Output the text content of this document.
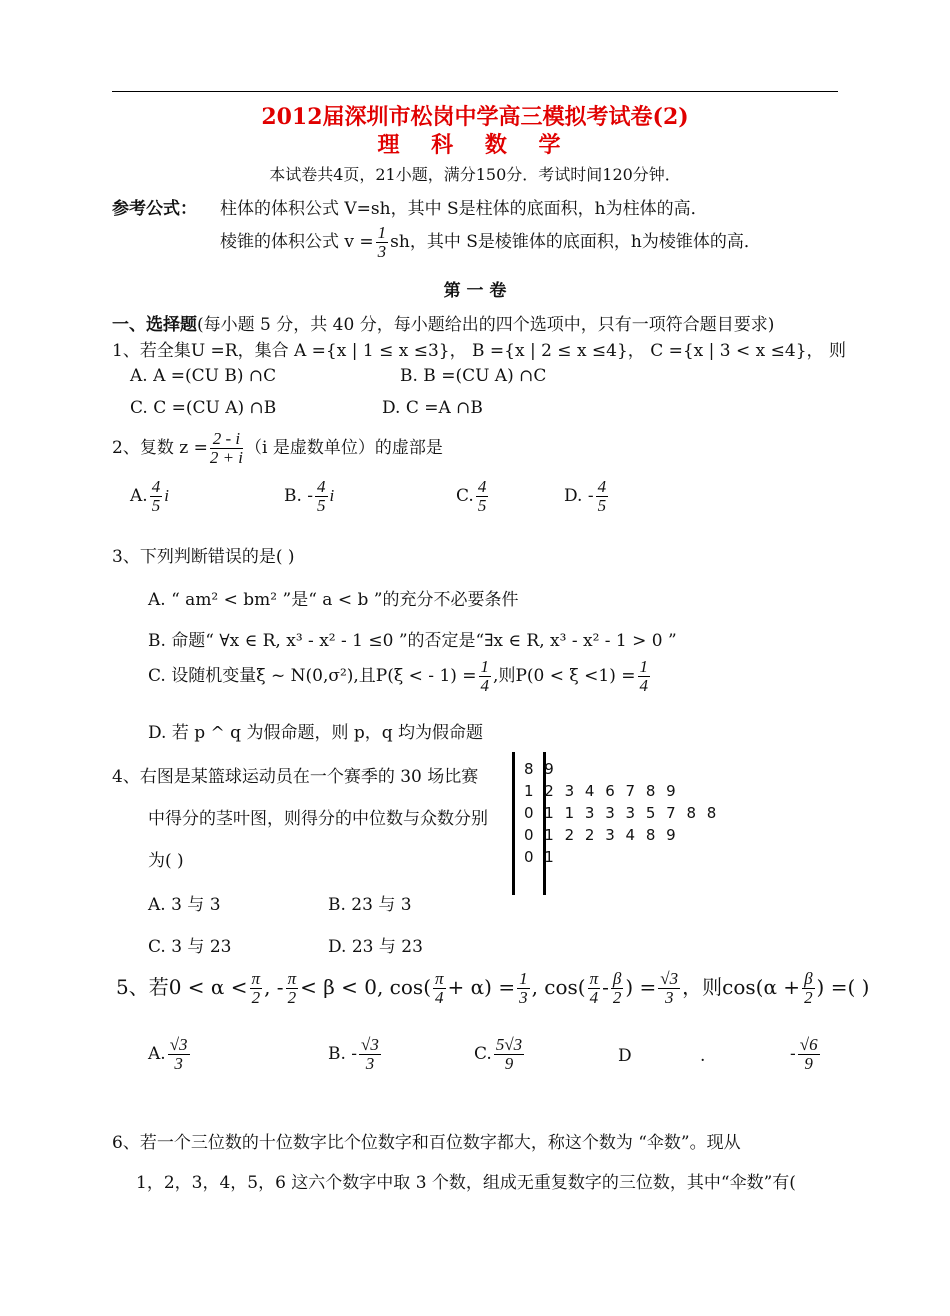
2012届深圳市松岗中学高三模拟考试卷(2)
理 科 数 学
本试卷共4页，21小题，满分150分．考试时间120分钟．
参考公式： 柱体的体积公式 V=sh，其中 S是柱体的底面积，h为柱体的高．
棱锥的体积公式 $v = \frac{1}{3}$ sh，其中 S是棱锥体的底面积，h为棱锥体的高．
第 一 卷
一、选择题(每小题 5 分，共 40 分，每小题给出的四个选项中，只有一项符合题目要求)
1、若全集U =R，集合 A ={x | 1 ≤ x ≤3}， B ={x | 2 ≤ x ≤4}， C ={x | 3 < x ≤4}， 则
A. A =(CU B) ∩C	B. B =(CU A) ∩C
C. C =(CU A) ∩B	D. C =A ∩B
2、复数 $z = \frac{2 - i}{2 + i} (i$ 是虚数单位）的虚部是
A. $\frac{4}{5}$ i	B. - $\frac{4}{5}$ i	C. $\frac{4}{5}$	D. - $\frac{4}{5}$
3、下列判断错误的是( )
A. “ am² < bm² ”是“ a < b ”的充分不必要条件
B. 命题“ ∀x ∈ R, x³ - x² - 1 ≤0 ”的否定是“∃x ∈ R, x³ - x² - 1 > 0 ”
C. 设随机变量ξ ~ N(0,σ²),且P(ξ < - $1) = \frac{1}{4}$ ,则$P(0 < \xi <1) = \frac{1}{4}$
D. 若 p ^ q 为假命题，则 p，q 均为假命题
4、右图是某篮球运动员在一个赛季的 30 场比赛
中得分的茎叶图，则得分的中位数与众数分别
为( )
8 9
1 2 3 4 6 7 8 9
0 1 1 3 3 3 5 7 8 8
0 1 2 2 3 4 8 9
0 1
A. 3 与 3	B. 23 与 3
C. 3 与 23	D. 23 与 23
5、若$0 < \alpha < \frac{\pi}{2}$ , - $\frac{\pi}{2} < \beta < 0$, $\cos( \frac{\pi}{4} + \alpha) = \frac{1}{3}$ , $\cos( \frac{\pi}{4} - \frac{\beta}{2}$ ) = $\frac{√3}{3}$ ，则$\cos(\alpha + \frac{\beta}{2}$ ) =( )
A. $\frac{√3}{3}$	B. - $\frac{√3}{3}$	C. $\frac{5√3}{9}$	D	.	- $\frac{√6}{9}$
6、若一个三位数的十位数字比个位数字和百位数字都大，称这个数为 “伞数”。现从
1，2，3，4，5，6 这六个数字中取 3 个数，组成无重复数字的三位数，其中“伞数”有(
